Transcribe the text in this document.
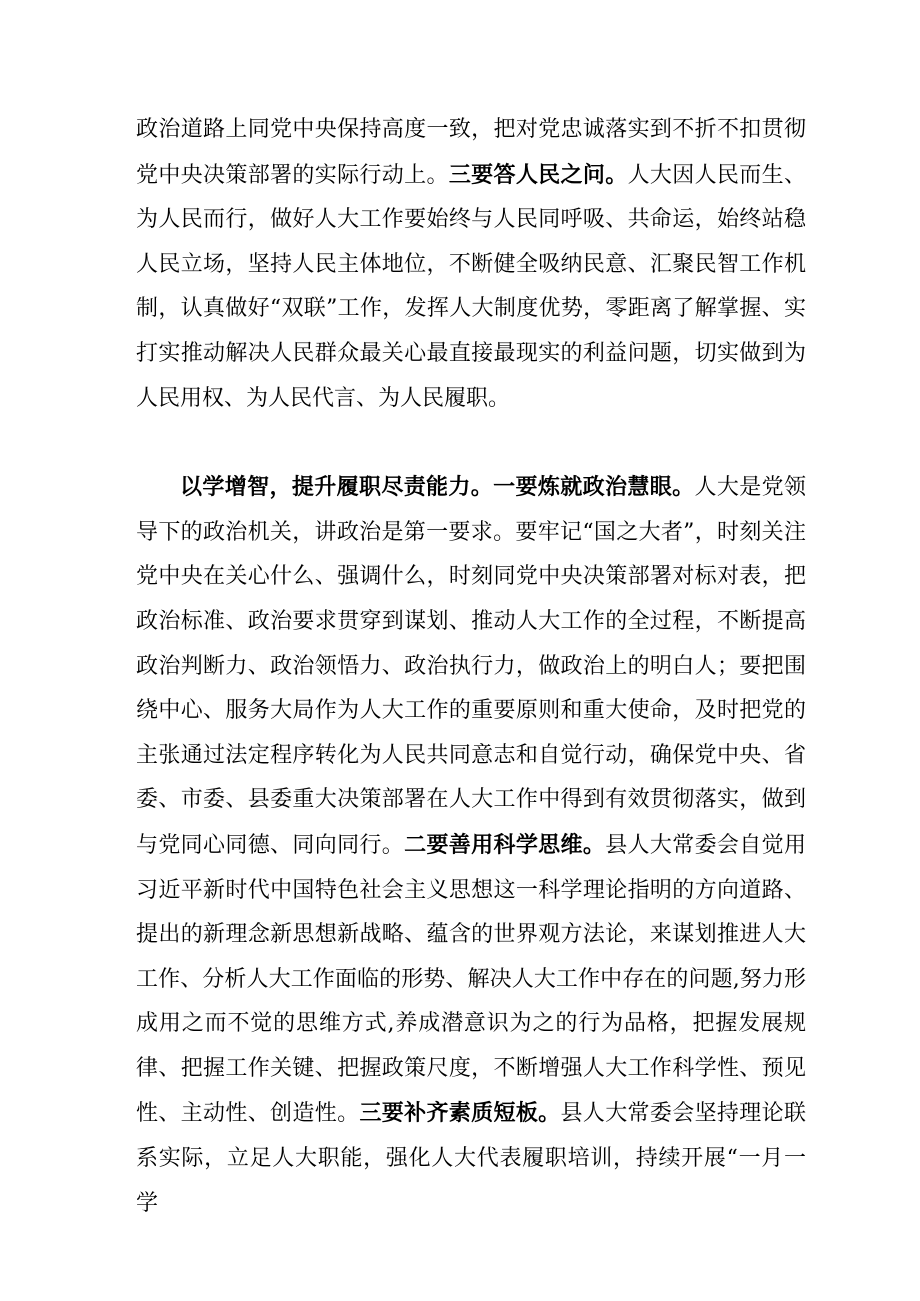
政治道路上同党中央保持高度一致，把对党忠诚落实到不折不扣贯彻党中央决策部署的实际行动上。三要答人民之问。人大因人民而生、为人民而行，做好人大工作要始终与人民同呼吸、共命运，始终站稳人民立场，坚持人民主体地位，不断健全吸纳民意、汇聚民智工作机制，认真做好“双联”工作，发挥人大制度优势，零距离了解掌握、实打实推动解决人民群众最关心最直接最现实的利益问题，切实做到为人民用权、为人民代言、为人民履职。

以学增智，提升履职尽责能力。一要炼就政治慧眼。人大是党领导下的政治机关，讲政治是第一要求。要牢记“国之大者”，时刻关注党中央在关心什么、强调什么，时刻同党中央决策部署对标对表，把政治标准、政治要求贯穿到谋划、推动人大工作的全过程，不断提高政治判断力、政治领悟力、政治执行力，做政治上的明白人；要把围绕中心、服务大局作为人大工作的重要原则和重大使命，及时把党的主张通过法定程序转化为人民共同意志和自觉行动，确保党中央、省委、市委、县委重大决策部署在人大工作中得到有效贯彻落实，做到与党同心同德、同向同行。二要善用科学思维。县人大常委会自觉用习近平新时代中国特色社会主义思想这一科学理论指明的方向道路、提出的新理念新思想新战略、蕴含的世界观方法论，来谋划推进人大工作、分析人大工作面临的形势、解决人大工作中存在的问题,努力形成用之而不觉的思维方式,养成潜意识为之的行为品格，把握发展规律、把握工作关键、把握政策尺度，不断增强人大工作科学性、预见性、主动性、创造性。三要补齐素质短板。县人大常委会坚持理论联系实际，立足人大职能，强化人大代表履职培训，持续开展“一月一学
